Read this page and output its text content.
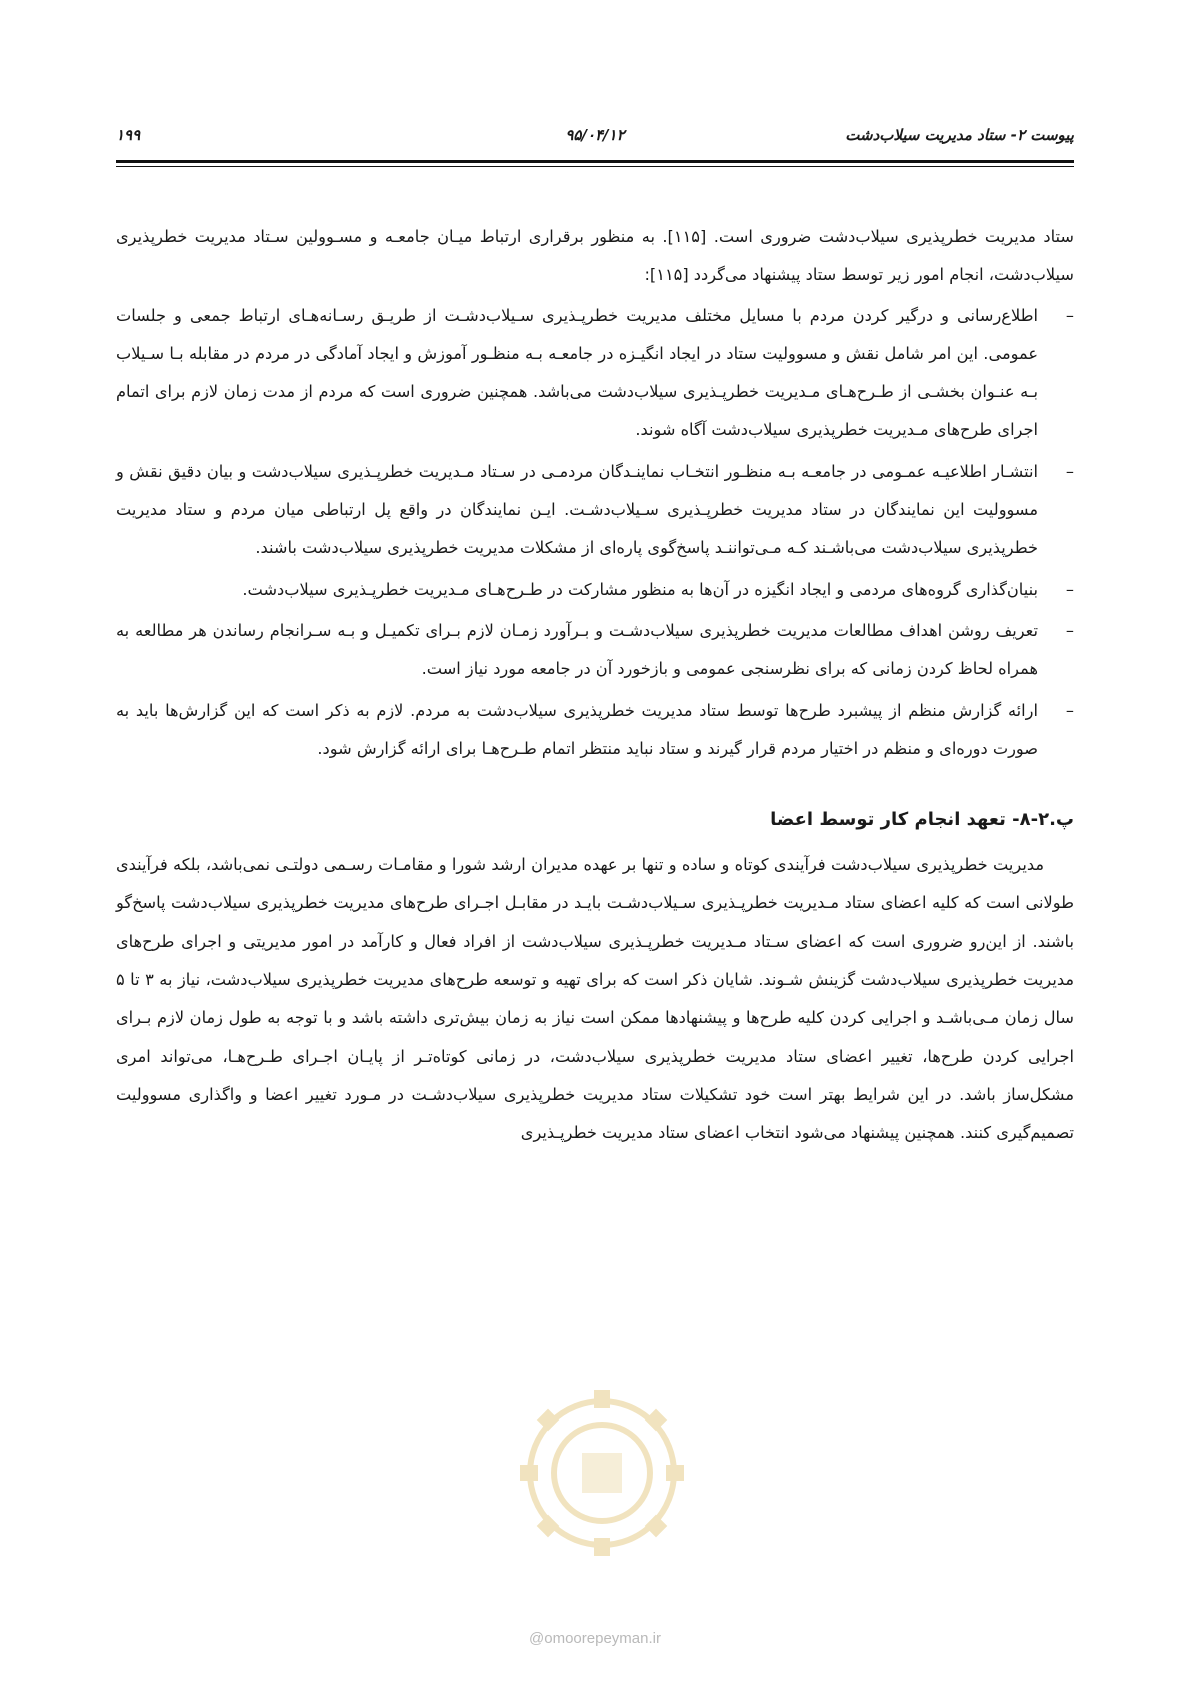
پیوست ۲- ستاد مدیریت سیلاب‌دشت
۹۵/۰۴/۱۲
۱۹۹

ستاد مدیریت خطرپذیری سیلاب‌دشت ضروری است. [۱۱۵]. به منظور برقراری ارتباط میـان جامعـه و مسـوولین سـتاد مدیریت خطرپذیری سیلاب‌دشت، انجام امور زیر توسط ستاد پیشنهاد می‌گردد [۱۱۵]:

–
اطلاع‌رسانی و درگیر کردن مردم با مسایل مختلف مدیریت خطرپـذیری سـیلاب‌دشـت از طریـق رسـانه‌هـای ارتباط جمعی و جلسات عمومی. این امر شامل نقش و مسوولیت ستاد در ایجاد انگیـزه در جامعـه بـه منظـور آموزش و ایجاد آمادگی در مردم در مقابله بـا سـیلاب بـه عنـوان بخشـی از طـرح‌هـای مـدیریت خطرپـذیری سیلاب‌دشت می‌باشد. همچنین ضروری است که مردم از مدت زمان لازم برای اتمام اجرای طرح‌های مـدیریت خطرپذیری سیلاب‌دشت آگاه شوند.
–
انتشـار اطلاعیـه عمـومی در جامعـه بـه منظـور انتخـاب نماینـدگان مردمـی در سـتاد مـدیریت خطرپـذیری سیلاب‌دشت و بیان دقیق نقش و مسوولیت این نمایندگان در ستاد مدیریت خطرپـذیری سـیلاب‌دشـت. ایـن نمایندگان در واقع پل ارتباطی میان مردم و ستاد مدیریت خطرپذیری سیلاب‌دشت می‌باشـند کـه مـی‌تواننـد پاسخ‌گوی پاره‌ای از مشکلات مدیریت خطرپذیری سیلاب‌دشت باشند.
–
بنیان‌گذاری گروه‌های مردمی و ایجاد انگیزه در آن‌ها به منظور مشارکت در طـرح‌هـای مـدیریت خطرپـذیری سیلاب‌دشت.
–
تعریف روشن اهداف مطالعات مدیریت خطرپذیری سیلاب‌دشـت و بـرآورد زمـان لازم بـرای تکمیـل و بـه سـرانجام رساندن هر مطالعه به همراه لحاظ کردن زمانی که برای نظرسنجی عمومی و بازخورد آن در جامعه مورد نیاز است.
–
ارائه گزارش منظم از پیشبرد طرح‌ها توسط ستاد مدیریت خطرپذیری سیلاب‌دشت به مردم. لازم به ذکر است که این گزارش‌ها باید به صورت دوره‌ای و منظم در اختیار مردم قرار گیرند و ستاد نباید منتظر اتمام طـرح‌هـا برای ارائه گزارش شود.
پ.۲-۸- تعهد انجام کار توسط اعضا

مدیریت خطرپذیری سیلاب‌دشت فرآیندی کوتاه و ساده و تنها بر عهده مدیران ارشد شورا و مقامـات رسـمی دولتـی نمی‌باشد، بلکه فرآیندی طولانی است که کلیه اعضای ستاد مـدیریت خطرپـذیری سـیلاب‌دشـت بایـد در مقابـل اجـرای طرح‌های مدیریت خطرپذیری سیلاب‌دشت پاسخ‌گو باشند. از این‌رو ضروری است که اعضای سـتاد مـدیریت خطرپـذیری سیلاب‌دشت از افراد فعال و کارآمد در امور مدیریتی و اجرای طرح‌های مدیریت خطرپذیری سیلاب‌دشت گزینش شـوند. شایان ذکر است که برای تهیه و توسعه طرح‌های مدیریت خطرپذیری سیلاب‌دشت، نیاز به ۳ تا ۵ سال زمان مـی‌باشـد و اجرایی کردن کلیه طرح‌ها و پیشنهادها ممکن است نیاز به زمان بیش‌تری داشته باشد و با توجه به طول زمان لازم بـرای اجرایی کردن طرح‌ها، تغییر اعضای ستاد مدیریت خطرپذیری سیلاب‌دشت، در زمانی کوتاه‌تـر از پایـان اجـرای طـرح‌هـا، می‌تواند امری مشکل‌ساز باشد. در این شرایط بهتر است خود تشکیلات ستاد مدیریت خطرپذیری سیلاب‌دشـت در مـورد تغییر اعضا و واگذاری مسوولیت تصمیم‌گیری کنند. همچنین پیشنهاد می‌شود انتخاب اعضای ستاد مدیریت خطرپـذیری

@omoorepeyman.ir
